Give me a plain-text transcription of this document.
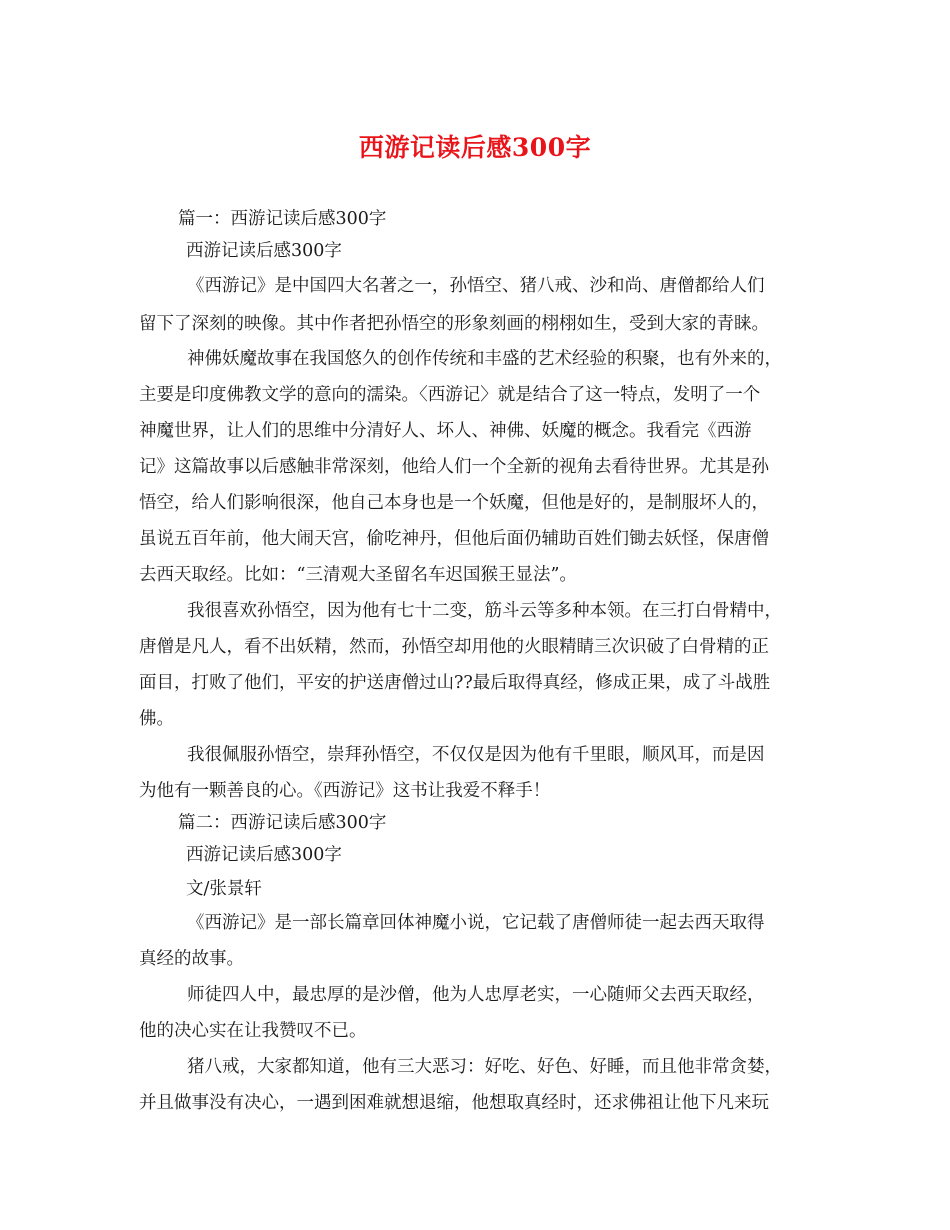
西游记读后感300字
篇一：西游记读后感300字
西游记读后感300字
《西游记》是中国四大名著之一，孙悟空、猪八戒、沙和尚、唐僧都给人们
留下了深刻的映像。其中作者把孙悟空的形象刻画的栩栩如生，受到大家的青睐。
神佛妖魔故事在我国悠久的创作传统和丰盛的艺术经验的积聚，也有外来的，
主要是印度佛教文学的意向的濡染。〈西游记〉就是结合了这一特点，发明了一个
神魔世界，让人们的思维中分清好人、坏人、神佛、妖魔的概念。我看完《西游
记》这篇故事以后感触非常深刻，他给人们一个全新的视角去看待世界。尤其是孙
悟空，给人们影响很深，他自己本身也是一个妖魔，但他是好的，是制服坏人的，
虽说五百年前，他大闹天宫，偷吃神丹，但他后面仍辅助百姓们锄去妖怪，保唐僧
去西天取经。比如：“三清观大圣留名车迟国猴王显法”。
我很喜欢孙悟空，因为他有七十二变，筋斗云等多种本领。在三打白骨精中，
唐僧是凡人，看不出妖精，然而，孙悟空却用他的火眼精睛三次识破了白骨精的正
面目，打败了他们，平安的护送唐僧过山??最后取得真经，修成正果，成了斗战胜
佛。
我很佩服孙悟空，崇拜孙悟空，不仅仅是因为他有千里眼，顺风耳，而是因
为他有一颗善良的心。《西游记》这书让我爱不释手！
篇二：西游记读后感300字
西游记读后感300字
文/张景轩
《西游记》是一部长篇章回体神魔小说，它记载了唐僧师徒一起去西天取得
真经的故事。
师徒四人中，最忠厚的是沙僧，他为人忠厚老实，一心随师父去西天取经，
他的决心实在让我赞叹不已。
猪八戒，大家都知道，他有三大恶习：好吃、好色、好睡，而且他非常贪婪，
并且做事没有决心，一遇到困难就想退缩，他想取真经时，还求佛祖让他下凡来玩
